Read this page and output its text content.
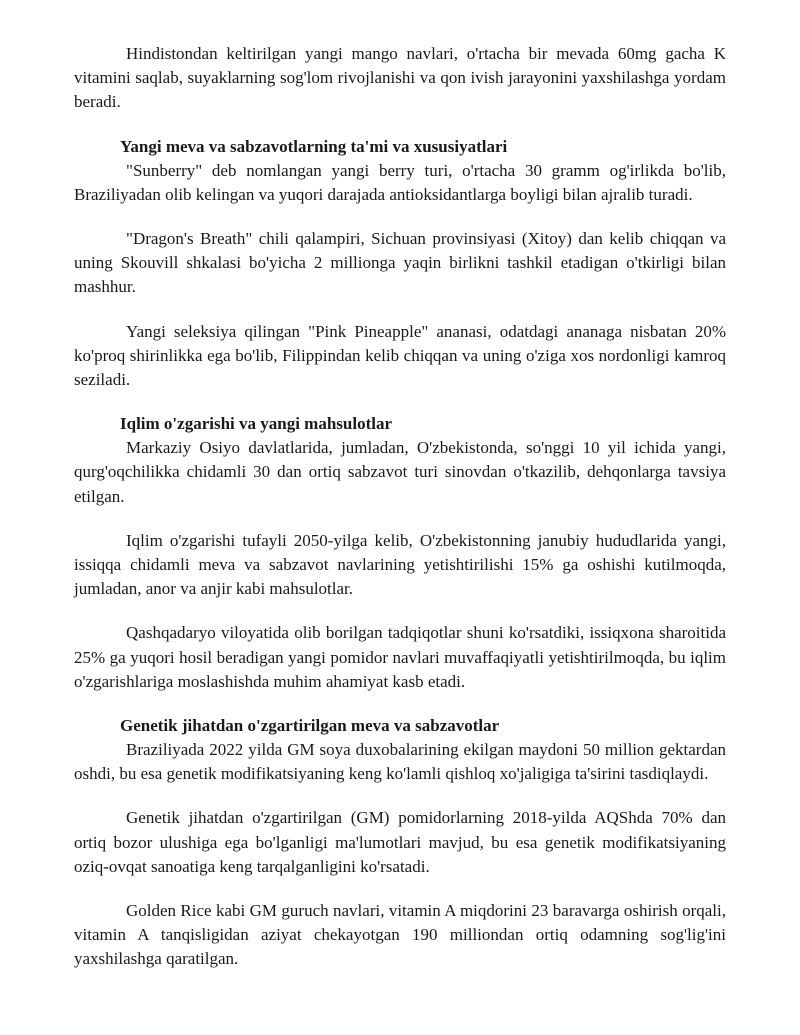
Hindistondan keltirilgan yangi mango navlari, o'rtacha bir mevada 60mg gacha K vitamini saqlab, suyaklarning sog'lom rivojlanishi va qon ivish jarayonini yaxshilashga yordam beradi.

Yangi meva va sabzavotlarning ta'mi va xususiyatlari

"Sunberry" deb nomlangan yangi berry turi, o'rtacha 30 gramm og'irlikda bo'lib, Braziliyadan olib kelingan va yuqori darajada antioksidantlarga boyligi bilan ajralib turadi.

"Dragon's Breath" chili qalampiri, Sichuan provinsiyasi (Xitoy) dan kelib chiqqan va uning Skouvill shkalasi bo'yicha 2 millionga yaqin birlikni tashkil etadigan o'tkirligi bilan mashhur.

Yangi seleksiya qilingan "Pink Pineapple" ananasi, odatdagi ananaga nisbatan 20% ko'proq shirinlikka ega bo'lib, Filippindan kelib chiqqan va uning o'ziga xos nordonligi kamroq seziladi.

Iqlim o'zgarishi va yangi mahsulotlar

Markaziy Osiyo davlatlarida, jumladan, O'zbekistonda, so'nggi 10 yil ichida yangi, qurg'oqchilikka chidamli 30 dan ortiq sabzavot turi sinovdan o'tkazilib, dehqonlarga tavsiya etilgan.

Iqlim o'zgarishi tufayli 2050-yilga kelib, O'zbekistonning janubiy hududlarida yangi, issiqqa chidamli meva va sabzavot navlarining yetishtirilishi 15% ga oshishi kutilmoqda, jumladan, anor va anjir kabi mahsulotlar.

Qashqadaryo viloyatida olib borilgan tadqiqotlar shuni ko'rsatdiki, issiqxona sharoitida 25% ga yuqori hosil beradigan yangi pomidor navlari muvaffaqiyatli yetishtirilmoqda, bu iqlim o'zgarishlariga moslashishda muhim ahamiyat kasb etadi.

Genetik jihatdan o'zgartirilgan meva va sabzavotlar

Braziliyada 2022 yilda GM soya duxobalarining ekilgan maydoni 50 million gektardan oshdi, bu esa genetik modifikatsiyaning keng ko'lamli qishloq xo'jaligiga ta'sirini tasdiqlaydi.

Genetik jihatdan o'zgartirilgan (GM) pomidorlarning 2018-yilda AQShda 70% dan ortiq bozor ulushiga ega bo'lganligi ma'lumotlari mavjud, bu esa genetik modifikatsiyaning oziq-ovqat sanoatiga keng tarqalganligini ko'rsatadi.

Golden Rice kabi GM guruch navlari, vitamin A miqdorini 23 baravarga oshirish orqali, vitamin A tanqisligidan aziyat chekayotgan 190 milliondan ortiq odamning sog'lig'ini yaxshilashga qaratilgan.
